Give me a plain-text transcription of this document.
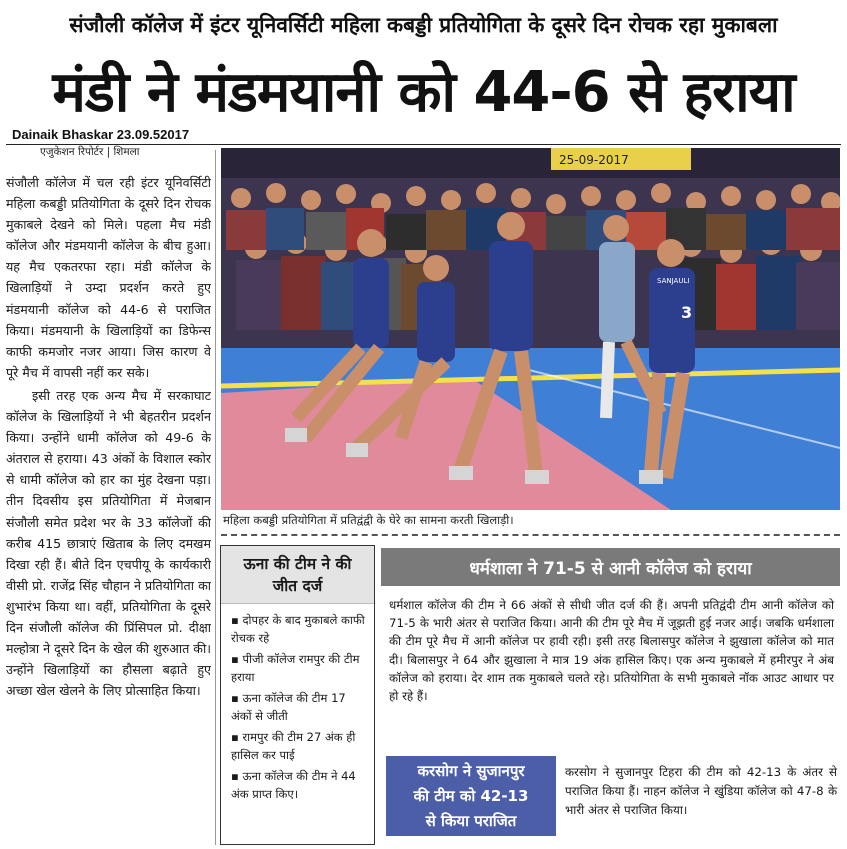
संजौली कॉलेज में इंटर यूनिवर्सिटी महिला कबड्डी प्रतियोगिता के दूसरे दिन रोचक रहा मुकाबला
मंडी ने मंडमयानी को 44-6 से हराया
Dainaik Bhaskar 23.09.52017
एजुकेशन रिपोर्टर | शिमला

संजौली कॉलेज में चल रही इंटर यूनिवर्सिटी महिला कबड्डी प्रतियोगिता के दूसरे दिन रोचक मुकाबले देखने को मिले। पहला मैच मंडी कॉलेज और मंडमयानी कॉलेज के बीच हुआ। यह मैच एकतरफा रहा। मंडी कॉलेज के खिलाड़ियों ने उम्दा प्रदर्शन करते हुए मंडमयानी कॉलेज को 44-6 से पराजित किया। मंडमयानी के खिलाड़ियों का डिफेन्स काफी कमजोर नजर आया। जिस कारण वे पूरे मैच में वापसी नहीं कर सके।

इसी तरह एक अन्य मैच में सरकाघाट कॉलेज के खिलाड़ियों ने भी बेहतरीन प्रदर्शन किया। उन्होंने धामी कॉलेज को 49-6 के अंतराल से हराया। 43 अंकों के विशाल स्कोर से धामी कॉलेज को हार का मुंह देखना पड़ा। तीन दिवसीय इस प्रतियोगिता में मेजबान संजौली समेत प्रदेश भर के 33 कॉलेजों की करीब 415 छात्राएं खिताब के लिए दमखम दिखा रही हैं। बीते दिन एचपीयू के कार्यकारी वीसी प्रो. राजेंद्र सिंह चौहान ने प्रतियोगिता का शुभारंभ किया था। वहीं, प्रतियोगिता के दूसरे दिन संजौली कॉलेज की प्रिंसिपल प्रो. दीक्षा मल्होत्रा ने दूसरे दिन के खेल की शुरुआत की। उन्होंने खिलाड़ियों का हौसला बढ़ाते हुए अच्छा खेल खेलने के लिए प्रोत्साहित किया।

25-09-2017
3
SANJAULI
महिला कबड्डी प्रतियोगिता में प्रतिद्वंद्वी के घेरे का सामना करती खिलाड़ी।
ऊना की टीम ने की
जीत दर्ज
▪ दोपहर के बाद मुकाबले काफी रोचक रहे
▪ पीजी कॉलेज रामपुर की टीम हराया
▪ ऊना कॉलेज की टीम 17 अंकों से जीती
▪ रामपुर की टीम 27 अंक ही हासिल कर पाई
▪ ऊना कॉलेज की टीम ने 44 अंक प्राप्त किए।
धर्मशाला ने 71-5 से आनी कॉलेज को हराया
धर्मशाल कॉलेज की टीम ने 66 अंकों से सीधी जीत दर्ज की हैं। अपनी प्रतिद्वंदी टीम आनी कॉलेज को 71-5 के भारी अंतर से पराजित किया। आनी की टीम पूरे मैच में जूझती हुई नजर आई। जबकि धर्मशाला की टीम पूरे मैच में आनी कॉलेज पर हावी रही। इसी तरह बिलासपुर कॉलेज ने झुखाला कॉलेज को मात दी। बिलासपुर ने 64 और झुखाला ने मात्र 19 अंक हासिल किए। एक अन्य मुकाबले में हमीरपुर ने अंब कॉलेज को हराया। देर शाम तक मुकाबले चलते रहे। प्रतियोगिता के सभी मुकाबले नॉक आउट आधार पर हो रहे हैं।
करसोग ने सुजानपुर
की टीम को 42-13
से किया पराजित
करसोग ने सुजानपुर टिहरा की टीम को 42-13 के अंतर से पराजित किया हैं। नाहन कॉलेज ने खुंडिया कॉलेज को 47-8 के भारी अंतर से पराजित किया।
